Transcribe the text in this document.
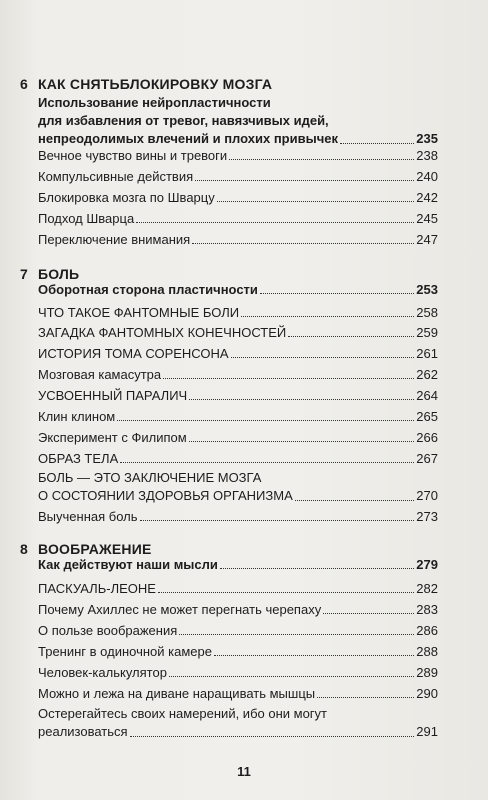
6 КАК СНЯТЬБЛОКИРОВКУ МОЗГА
Использование нейропластичности
для избавления от тревог, навязчивых идей,
непреодолимых влечений и плохих привычек	235
Вечное чувство вины и тревоги	238
Компульсивные действия	240
Блокировка мозга по Шварцу	242
Подход Шварца	245
Переключение внимания	247
7 БОЛЬ
Оборотная сторона пластичности	253
ЧТО ТАКОЕ ФАНТОМНЫЕ БОЛИ	258
ЗАГАДКА ФАНТОМНЫХ КОНЕЧНОСТЕЙ	259
ИСТОРИЯ ТОМА СОРЕНСОНА	261
Мозговая камасутра	262
УСВОЕННЫЙ ПАРАЛИЧ	264
Клин клином	265
Эксперимент с Филипом	266
ОБРАЗ ТЕЛА	267
БОЛЬ — ЭТО ЗАКЛЮЧЕНИЕ МОЗГА
О СОСТОЯНИИ ЗДОРОВЬЯ ОРГАНИЗМА	270
Выученная боль	273
8 ВООБРАЖЕНИЕ
Как действуют наши мысли	279
ПАСКУАЛЬ-ЛЕОНЕ	282
Почему Ахиллес не может перегнать черепаху	283
О пользе воображения	286
Тренинг в одиночной камере	288
Человек-калькулятор	289
Можно и лежа на диване наращивать мышцы	290
Остерегайтесь своих намерений, ибо они могут
реализоваться	291
11
